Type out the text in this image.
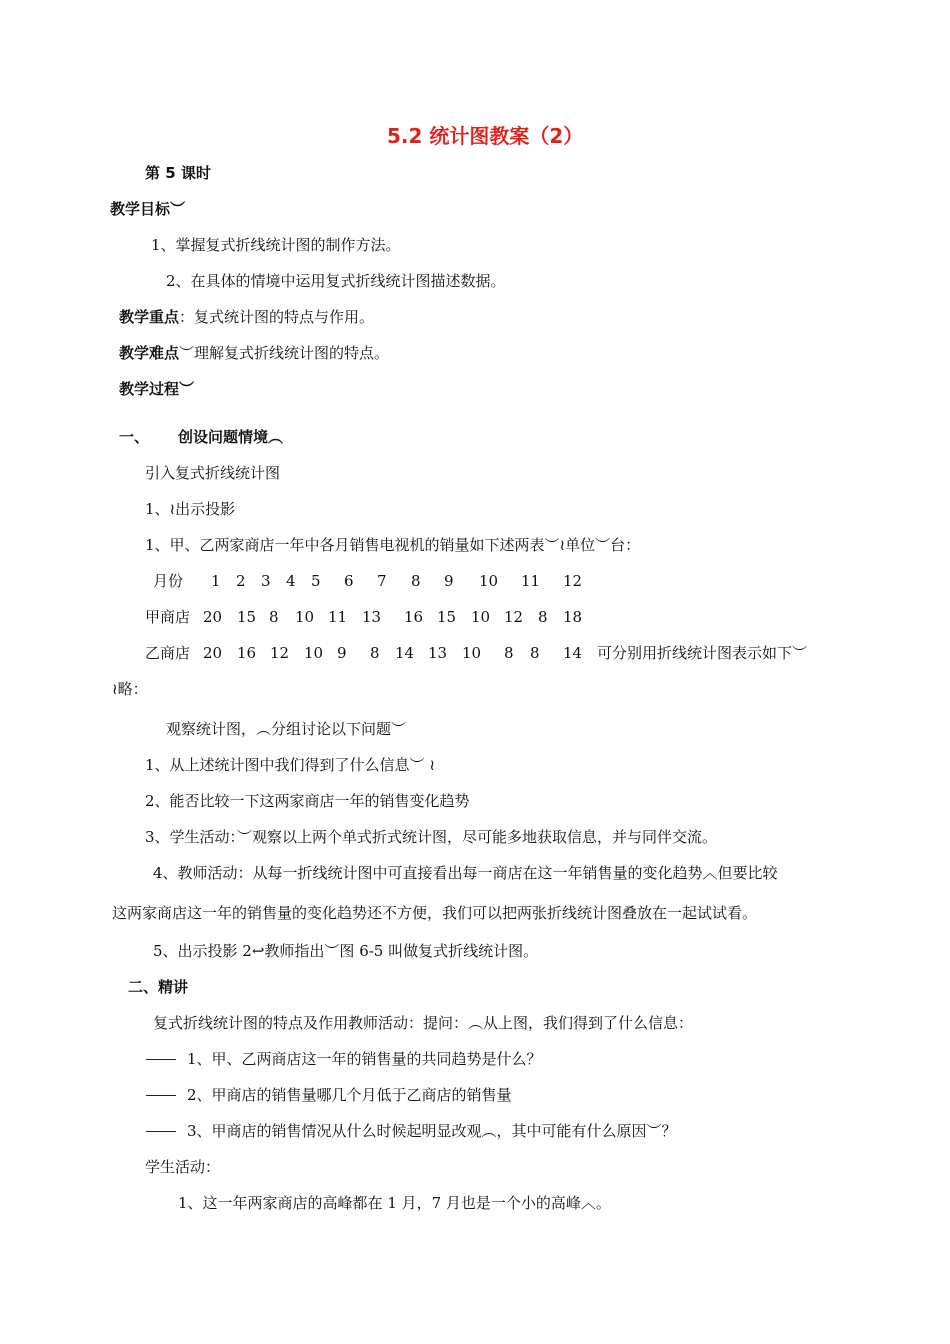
5.2 统计图教案（2）
第 5 课时
教学目标︶
1、掌握复式折线统计图的制作方法。
2、在具体的情境中运用复式折线统计图描述数据。
教学重点：复式统计图的特点与作用。
教学难点︶理解复式折线统计图的特点。
教学过程︶
一、 创设问题情境︵
引入复式折线统计图
1、≀出示投影
1、甲、乙两家商店一年中各月销售电视机的销量如下述两表︶≀单位︶台：
月份 1 2 3 4 5 6 7 8 9 10 11 12
甲商店 20 15 8 10 11 13 16 15 10 12 8 18
乙商店 20 16 12 10 9 8 14 13 10 8 8 14 可分别用折线统计图表示如下︶
≀略：
观察统计图，︵分组讨论以下问题︶
1、从上述统计图中我们得到了什么信息︶ ≀
2、能否比较一下这两家商店一年的销售变化趋势
3、学生活动：︶观察以上两个单式折式统计图，尽可能多地获取信息，并与同伴交流。
4、教师活动：从每一折线统计图中可直接看出每一商店在这一年销售量的变化趋势︿但要比较
这两家商店这一年的销售量的变化趋势还不方便，我们可以把两张折线统计图叠放在一起试试看。
5、出示投影 2↩教师指出︶图 6-5 叫做复式折线统计图。
二、精讲
复式折线统计图的特点及作用教师活动：提问：︵从上图，我们得到了什么信息：
1、甲、乙两商店这一年的销售量的共同趋势是什么？
2、甲商店的销售量哪几个月低于乙商店的销售量
3、甲商店的销售情况从什么时候起明显改观︵，其中可能有什么原因︶？
学生活动：
1、这一年两家商店的高峰都在 1 月，7 月也是一个小的高峰︿。
